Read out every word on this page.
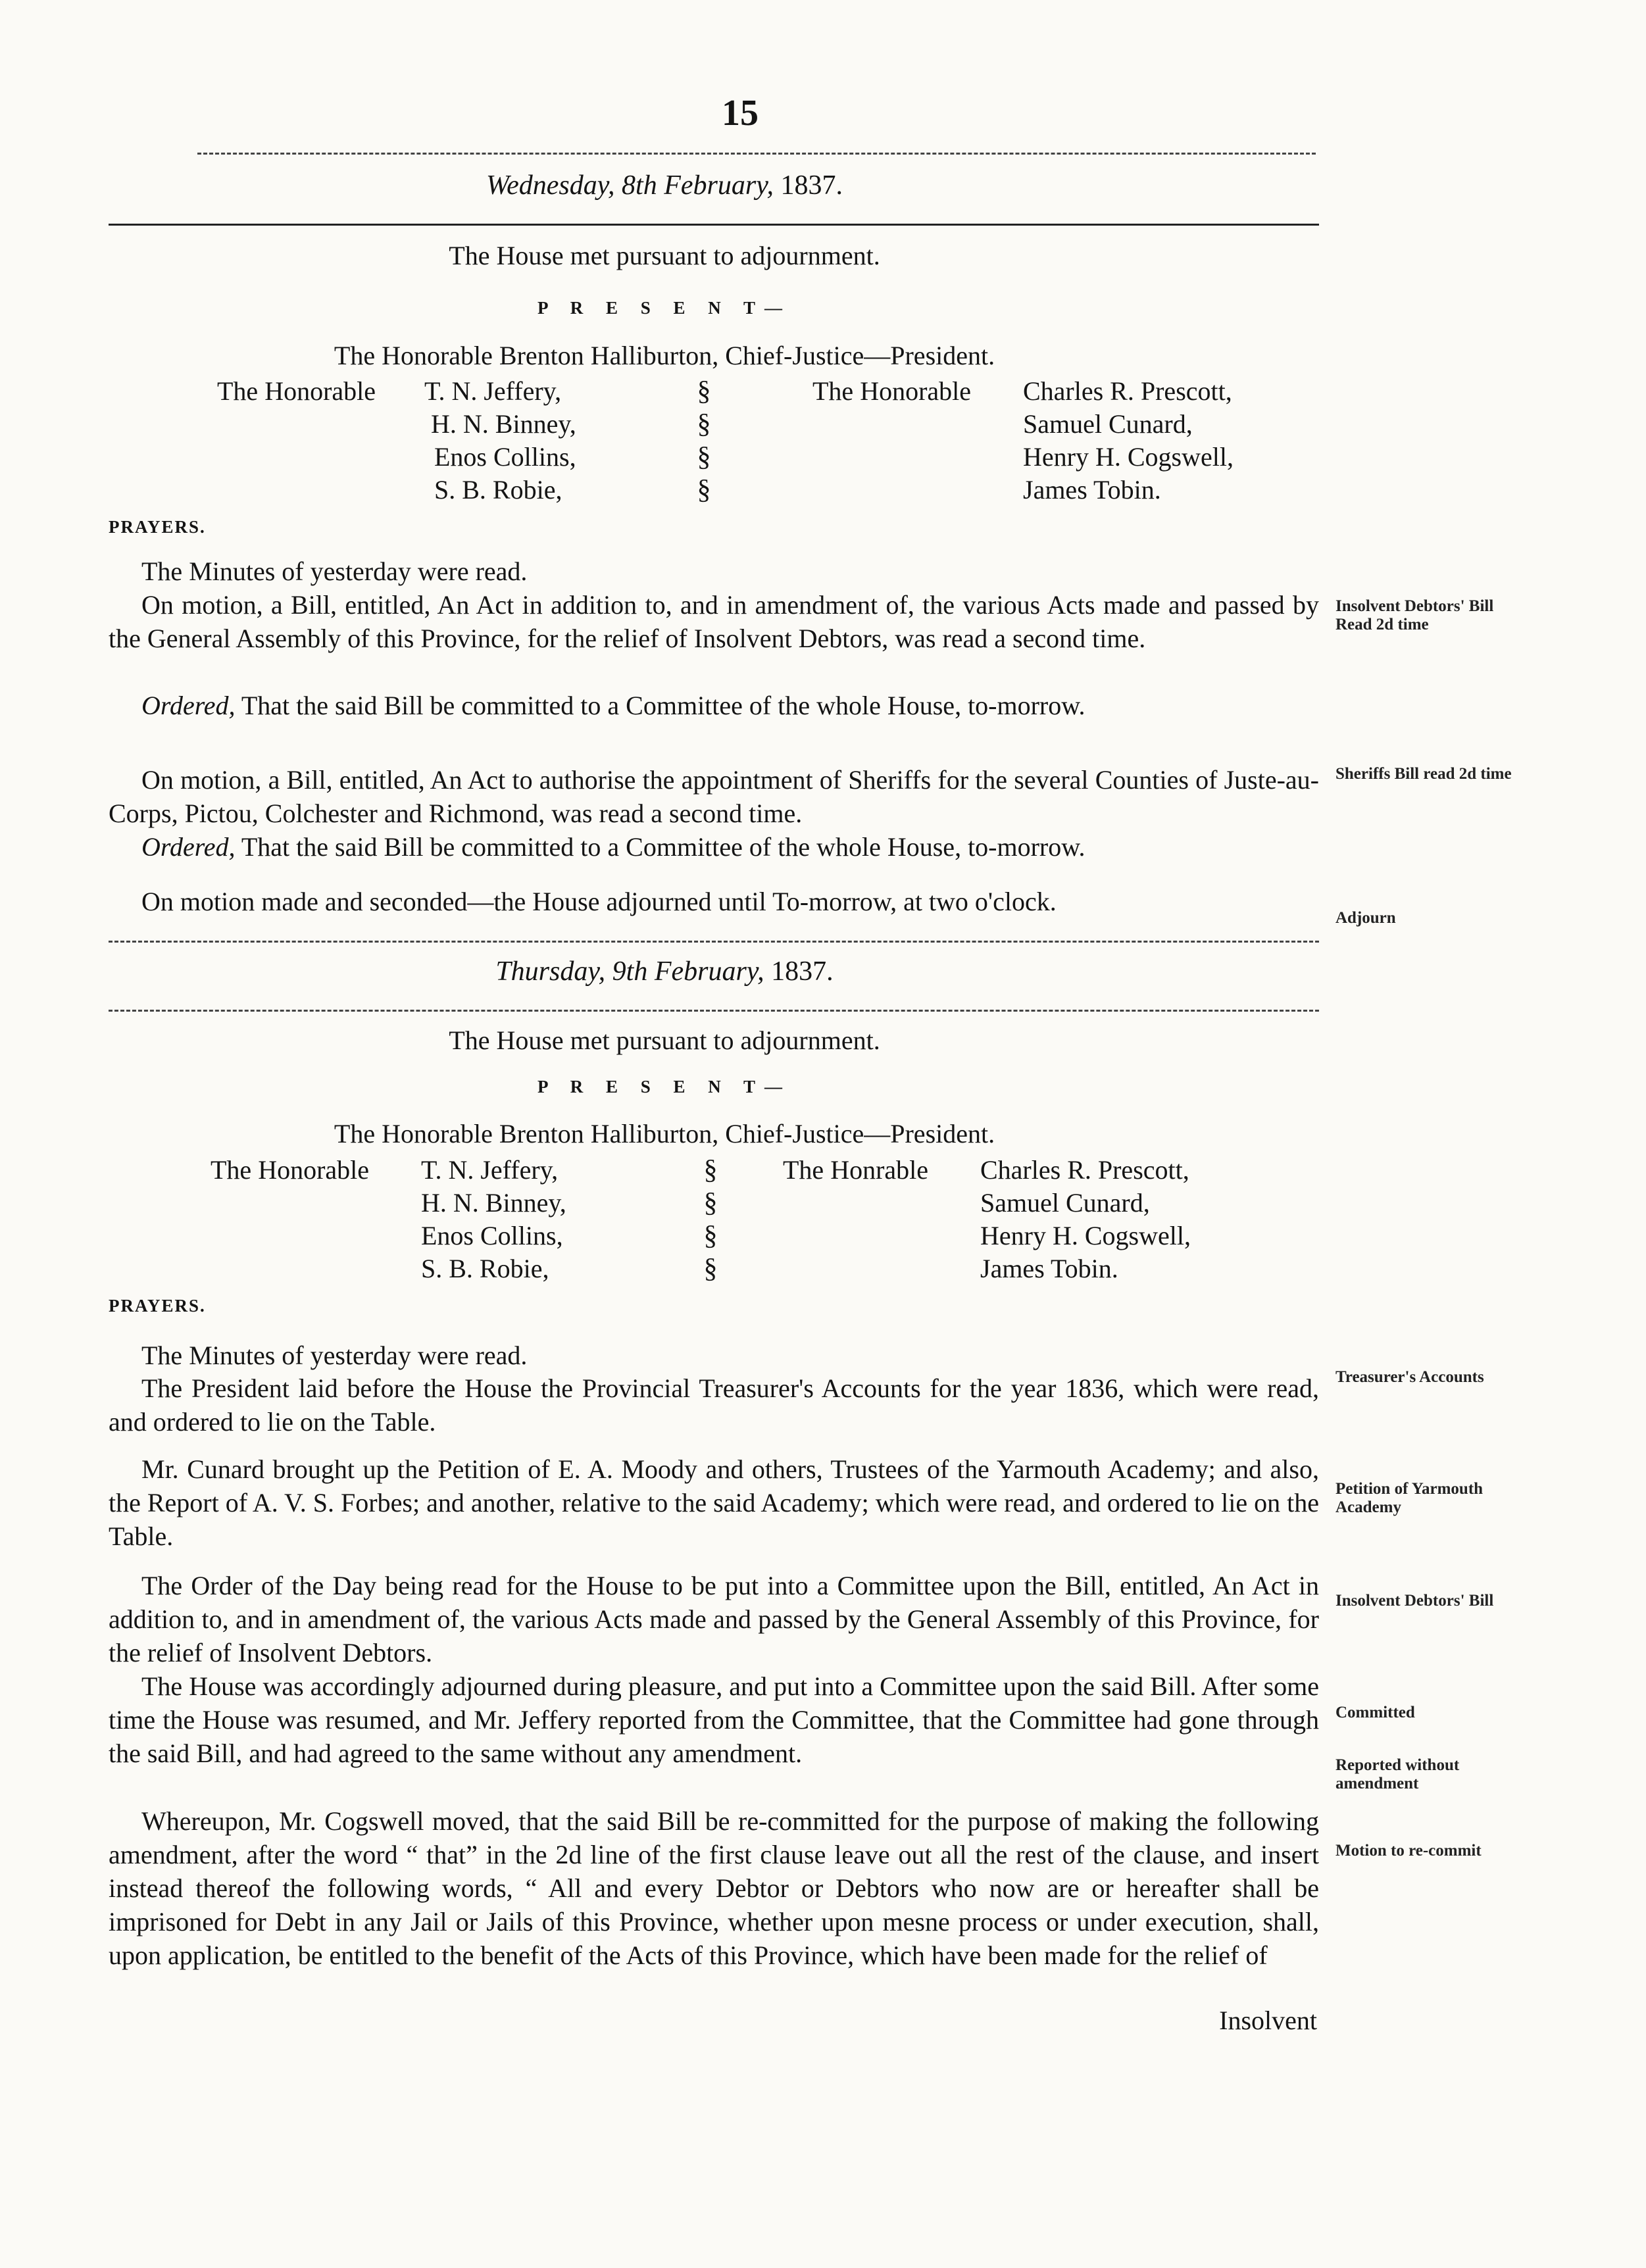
15
Wednesday, 8th February, 1837.
The House met pursuant to adjournment.
P R E S E N T—
The Honorable Brenton Halliburton, Chief-Justice—President.
The Honorable T. N. Jeffery,
H. N. Binney,
Enos Collins,
S. B. Robie,
§
§
§
§
The Honorable Charles R. Prescott,
Samuel Cunard,
Henry H. Cogswell,
James Tobin.
PRAYERS.
The Minutes of yesterday were read.
On motion, a Bill, entitled, An Act in addition to, and in amendment of, the various Acts made and passed by the General Assembly of this Province, for the relief of Insolvent Debtors, was read a second time.
Ordered, That the said Bill be committed to a Committee of the whole House, to-morrow.
On motion, a Bill, entitled, An Act to authorise the appointment of Sheriffs for the several Counties of Juste-au-Corps, Pictou, Colchester and Richmond, was read a second time.
Ordered, That the said Bill be committed to a Committee of the whole House, to-morrow.
On motion made and seconded—the House adjourned until To-morrow, at two o'clock.
Insolvent Debtors' Bill Read 2d time
Sheriffs Bill read 2d time
Adjourn
Thursday, 9th February, 1837.
The House met pursuant to adjournment.
P R E S E N T—
The Honorable Brenton Halliburton, Chief-Justice—President.
The Honorable T. N. Jeffery,
H. N. Binney,
Enos Collins,
S. B. Robie,
§
§
§
§
The Honrable Charles R. Prescott,
Samuel Cunard,
Henry H. Cogswell,
James Tobin.
PRAYERS.
The Minutes of yesterday were read.
The President laid before the House the Provincial Treasurer's Accounts for the year 1836, which were read, and ordered to lie on the Table.
Mr. Cunard brought up the Petition of E. A. Moody and others, Trustees of the Yarmouth Academy; and also, the Report of A. V. S. Forbes; and another, relative to the said Academy; which were read, and ordered to lie on the Table.
The Order of the Day being read for the House to be put into a Committee upon the Bill, entitled, An Act in addition to, and in amendment of, the various Acts made and passed by the General Assembly of this Province, for the relief of Insolvent Debtors.
The House was accordingly adjourned during pleasure, and put into a Committee upon the said Bill. After some time the House was resumed, and Mr. Jeffery reported from the Committee, that the Committee had gone through the said Bill, and had agreed to the same without any amendment.
Whereupon, Mr. Cogswell moved, that the said Bill be re-committed for the purpose of making the following amendment, after the word “ that” in the 2d line of the first clause leave out all the rest of the clause, and insert instead thereof the following words, “ All and every Debtor or Debtors who now are or hereafter shall be imprisoned for Debt in any Jail or Jails of this Province, whether upon mesne process or under execution, shall, upon application, be entitled to the benefit of the Acts of this Province, which have been made for the relief of
Insolvent
Treasurer's Accounts
Petition of Yarmouth Academy
Insolvent Debtors' Bill
Committed
Reported without amendment
Motion to re-commit
